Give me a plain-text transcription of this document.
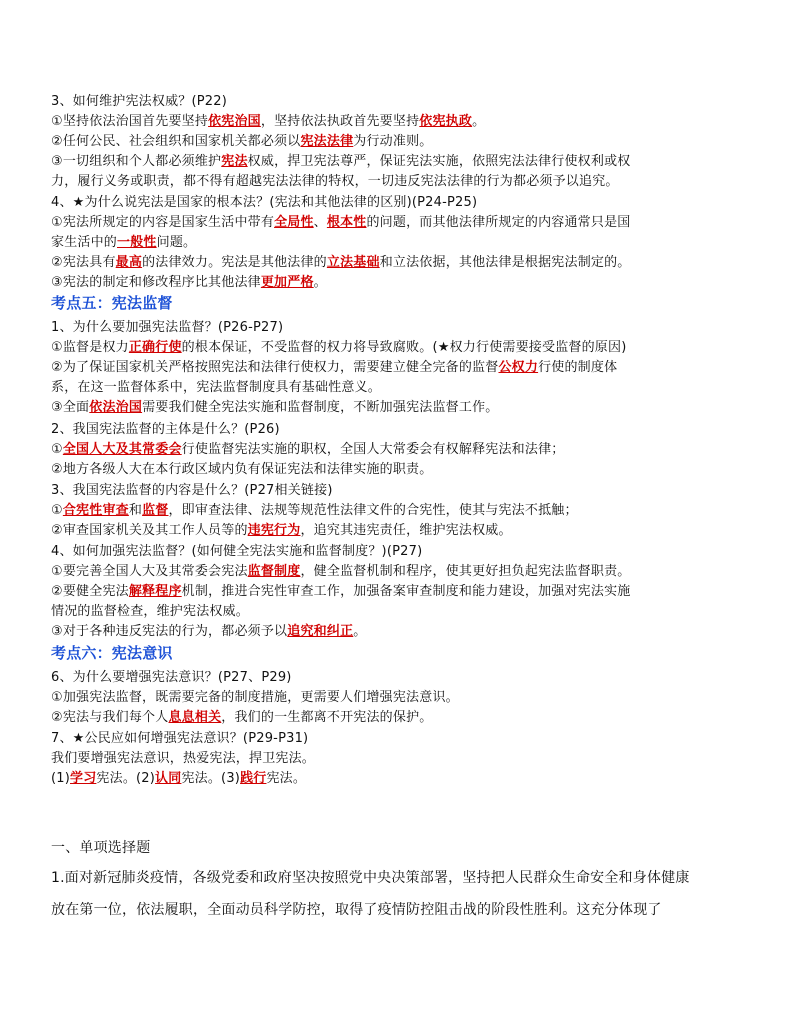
3、如何维护宪法权威？(P22)
①坚持依法治国首先要坚持依宪治国，坚持依法执政首先要坚持依宪执政。
②任何公民、社会组织和国家机关都必须以宪法法律为行动准则。
③一切组织和个人都必须维护宪法权威，捍卫宪法尊严，保证宪法实施，依照宪法法律行使权利或权
力，履行义务或职责，都不得有超越宪法法律的特权，一切违反宪法法律的行为都必须予以追究。
4、★为什么说宪法是国家的根本法？(宪法和其他法律的区别)(P24-P25)
①宪法所规定的内容是国家生活中带有全局性、根本性的问题，而其他法律所规定的内容通常只是国
家生活中的一般性问题。
②宪法具有最高的法律效力。宪法是其他法律的立法基础和立法依据，其他法律是根据宪法制定的。
③宪法的制定和修改程序比其他法律更加严格。
考点五：宪法监督
1、为什么要加强宪法监督？(P26-P27)
①监督是权力正确行使的根本保证，不受监督的权力将导致腐败。(★权力行使需要接受监督的原因)
②为了保证国家机关严格按照宪法和法律行使权力，需要建立健全完备的监督公权力行使的制度体
系，在这一监督体系中，宪法监督制度具有基础性意义。
③全面依法治国需要我们健全宪法实施和监督制度，不断加强宪法监督工作。
2、我国宪法监督的主体是什么？(P26)
①全国人大及其常委会行使监督宪法实施的职权，全国人大常委会有权解释宪法和法律；
②地方各级人大在本行政区域内负有保证宪法和法律实施的职责。
3、我国宪法监督的内容是什么？(P27相关链接)
①合宪性审查和监督，即审查法律、法规等规范性法律文件的合宪性，使其与宪法不抵触；
②审查国家机关及其工作人员等的违宪行为，追究其违宪责任，维护宪法权威。
4、如何加强宪法监督？(如何健全宪法实施和监督制度？)(P27)
①要完善全国人大及其常委会宪法监督制度，健全监督机制和程序，使其更好担负起宪法监督职责。
②要健全宪法解释程序机制，推进合宪性审查工作，加强备案审查制度和能力建设，加强对宪法实施
情况的监督检查，维护宪法权威。
③对于各种违反宪法的行为，都必须予以追究和纠正。
考点六：宪法意识
6、为什么要增强宪法意识？(P27、P29)
①加强宪法监督，既需要完备的制度措施，更需要人们增强宪法意识。
②宪法与我们每个人息息相关，我们的一生都离不开宪法的保护。
7、★公民应如何增强宪法意识？(P29-P31)
我们要增强宪法意识，热爱宪法，捍卫宪法。
(1)学习宪法。(2)认同宪法。(3)践行宪法。
一、单项选择题
1.面对新冠肺炎疫情，各级党委和政府坚决按照党中央决策部署，坚持把人民群众生命安全和身体健康
放在第一位，依法履职，全面动员科学防控，取得了疫情防控阻击战的阶段性胜利。这充分体现了
